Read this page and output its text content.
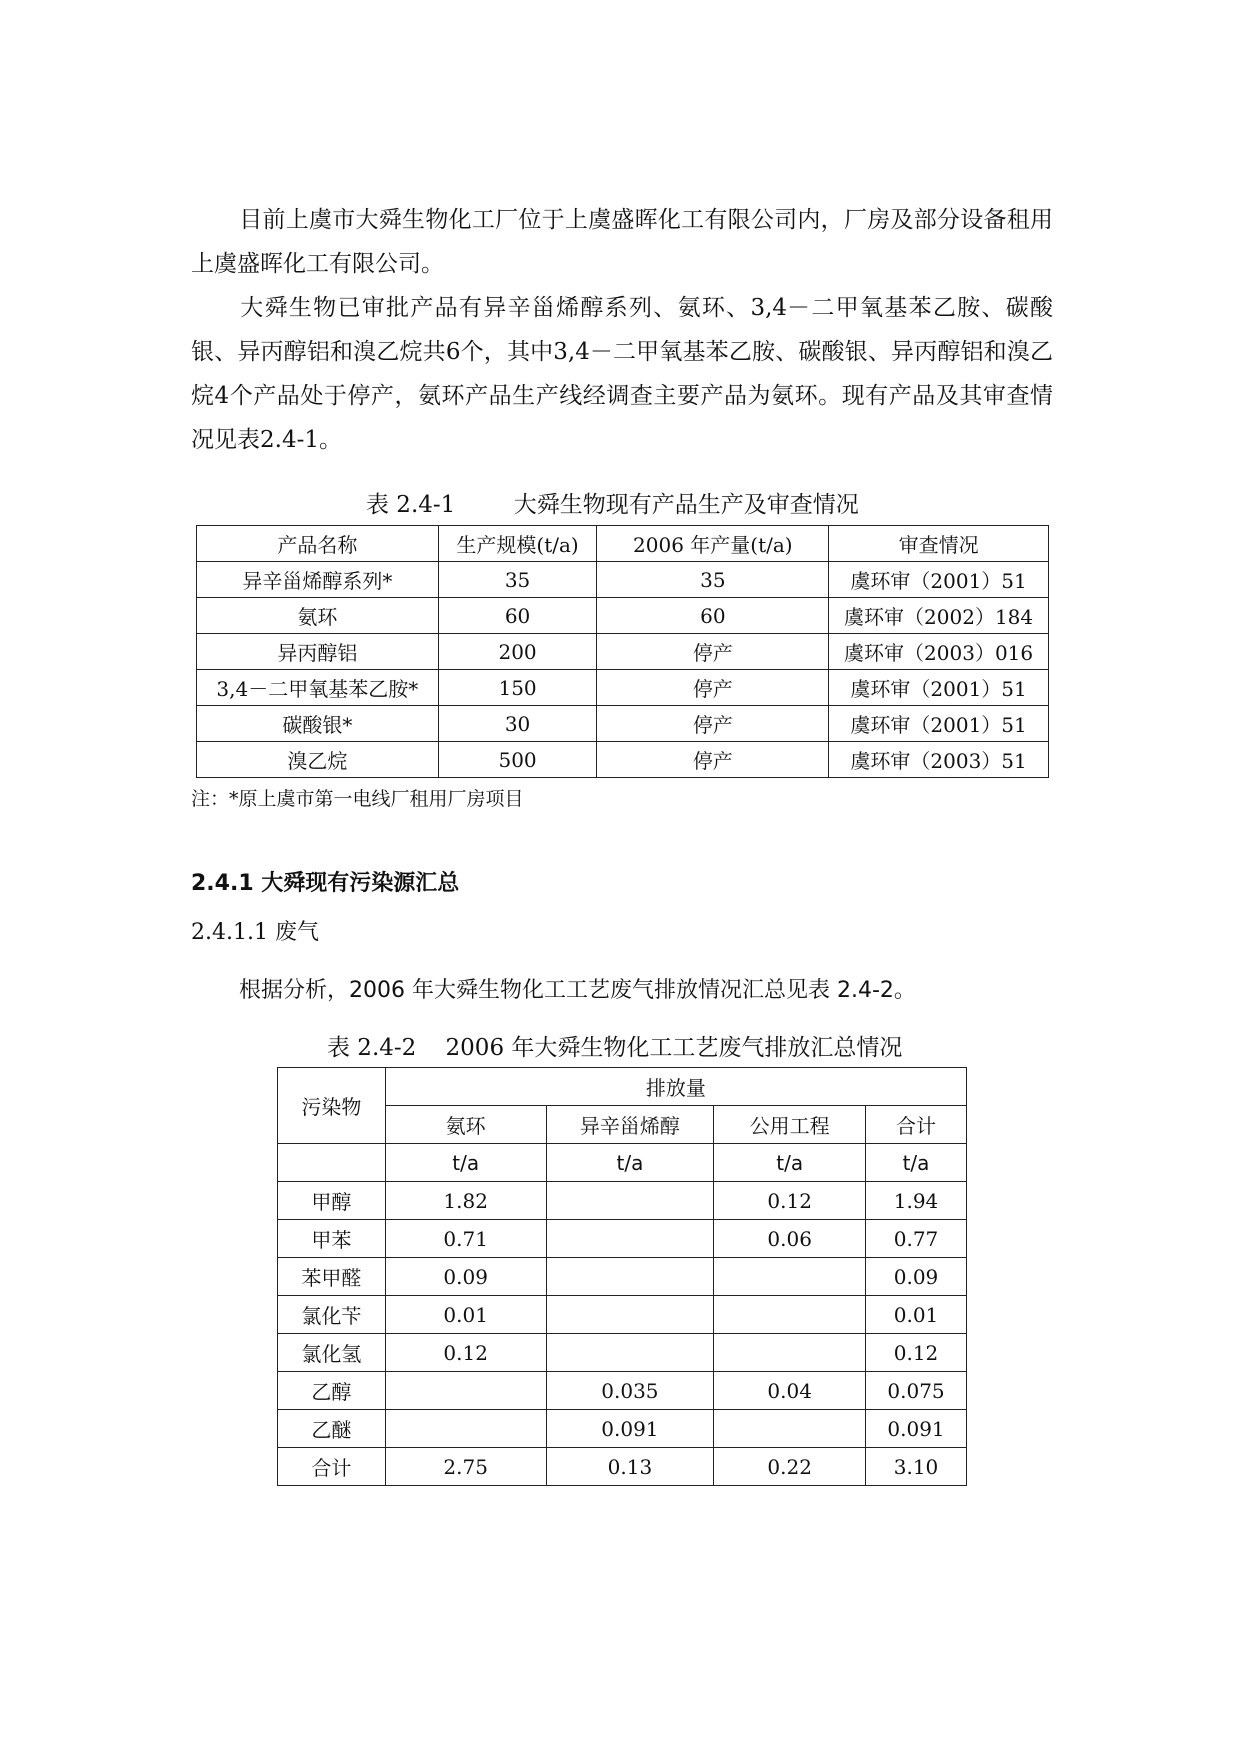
目前上虞市大舜生物化工厂位于上虞盛晖化工有限公司内，厂房及部分设备租用上虞盛晖化工有限公司。

大舜生物已审批产品有异辛甾烯醇系列、氨环、3,4－二甲氧基苯乙胺、碳酸银、异丙醇铝和溴乙烷共6个，其中3,4－二甲氧基苯乙胺、碳酸银、异丙醇铝和溴乙烷4个产品处于停产，氨环产品生产线经调查主要产品为氨环。现有产品及其审查情况见表2.4-1。

表 2.4-1        大舜生物现有产品生产及审查情况
产品名称	生产规模(t/a)	2006 年产量(t/a)	审查情况
异辛甾烯醇系列*	35	35	虞环审（2001）51
氨环	60	60	虞环审（2002）184
异丙醇铝	200	停产	虞环审（2003）016
3,4－二甲氧基苯乙胺*	150	停产	虞环审（2001）51
碳酸银*	30	停产	虞环审（2001）51
溴乙烷	500	停产	虞环审（2003）51
注：*原上虞市第一电线厂租用厂房项目
2.4.1 大舜现有污染源汇总
2.4.1.1 废气
根据分析，2006 年大舜生物化工工艺废气排放情况汇总见表 2.4-2。
表 2.4-2    2006 年大舜生物化工工艺废气排放汇总情况
污染物	排放量			
	氨环	异辛甾烯醇	公用工程	合计
	t/a	t/a	t/a	t/a
甲醇	1.82		0.12	1.94
甲苯	0.71		0.06	0.77
苯甲醛	0.09			0.09
氯化苄	0.01			0.01
氯化氢	0.12			0.12
乙醇		0.035	0.04	0.075
乙醚		0.091		0.091
合计	2.75	0.13	0.22	3.10
